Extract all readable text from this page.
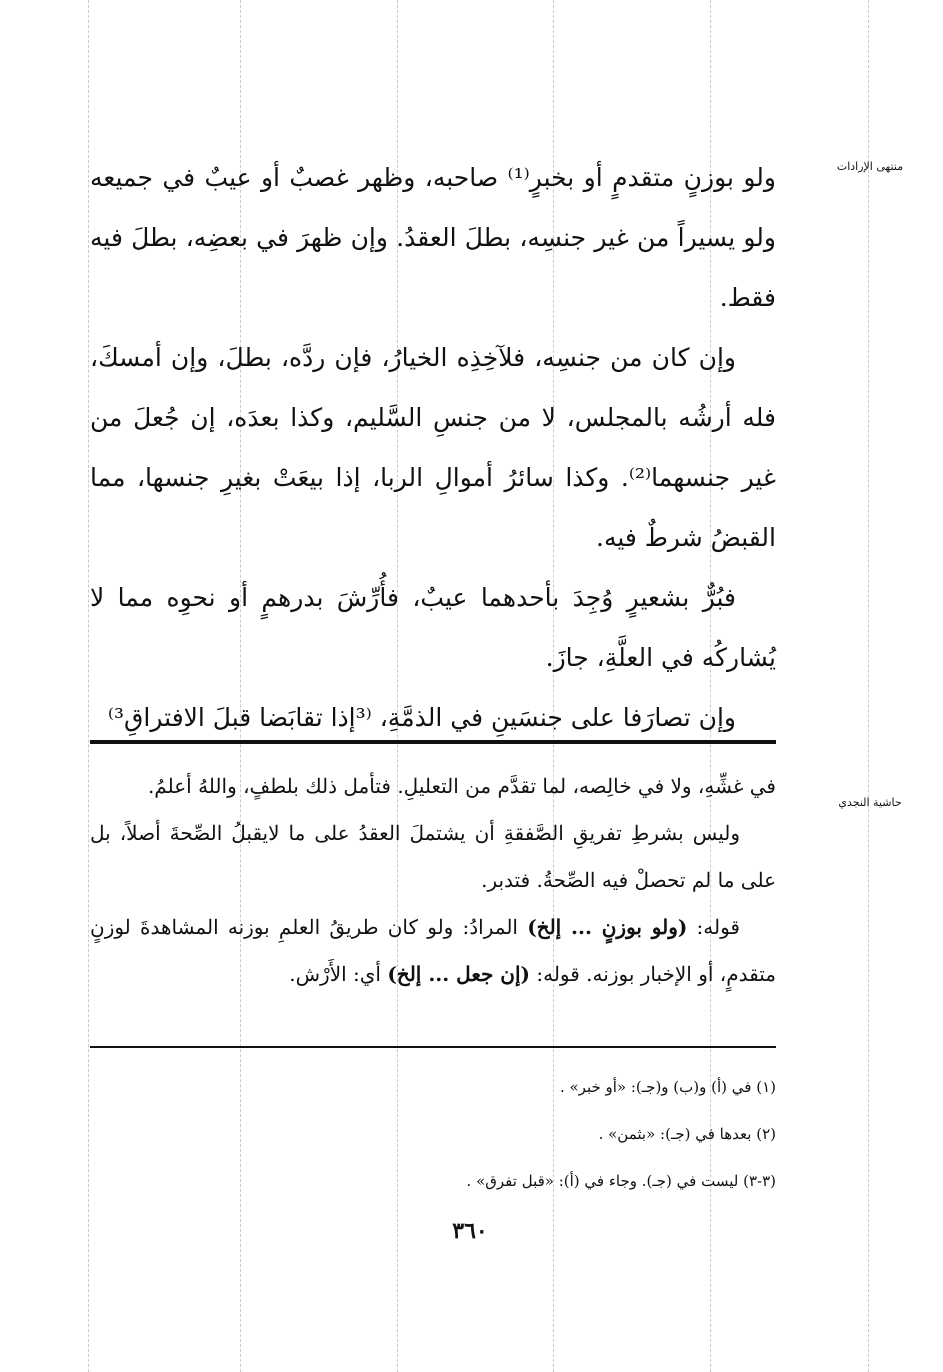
منتهى الإرادات
حاشية النجدي

ولو بوزنٍ متقدمٍ أو بخبرٍ⁽¹⁾ صاحبه، وظهر غصبٌ أو عيبٌ في جميعه ولو يسيراً من غير جنسِه، بطلَ العقدُ. وإن ظهرَ في بعضِه، بطلَ فيه فقط.

وإن كان من جنسِه، فلآخِذِه الخيارُ، فإن ردَّه، بطلَ، وإن أمسكَ، فله أرشُه بالمجلس، لا من جنسِ السَّليم، وكذا بعدَه، إن جُعلَ من غير جنسهما⁽²⁾. وكذا سائرُ أموالِ الربا، إذا بيعَتْ بغيرِ جنسها، مما القبضُ شرطٌ فيه.

فبُرٌّ بشعيرٍ وُجِدَ بأحدهما عيبٌ، فأُرِّشَ بدرهمٍ أو نحوِه مما لا يُشاركُه في العلَّةِ، جازَ.

وإن تصارَفا على جنسَينِ في الذمَّةِ، ⁽³إذا تقابَضا قبلَ الافتراقِ³⁾

في غشِّهِ، ولا في خالِصه، لما تقدَّم من التعليلِ. فتأمل ذلك بلطفٍ، واللهُ أعلمُ.

وليس بشرطِ تفريقِ الصَّفقةِ أن يشتملَ العقدُ على ما لايقبلُ الصِّحةَ أصلاً، بل على ما لم تحصلْ فيه الصِّحةُ. فتدبر.

قوله: (ولو بوزنٍ ... إلخ) المرادُ: ولو كان طريقُ العلمِ بوزنه المشاهدةَ لوزنٍ متقدمٍ، أو الإخبار بوزنه. قوله: (إن جعل ... إلخ) أي: الأَرْش.

(١) في (أ) و(ب) و(جـ): «أو خبر» .

(٢) بعدها في (جـ): «بثمن» .

(٣-٣) ليست في (جـ). وجاء في (أ): «قبل تفرق» .

٣٦٠
